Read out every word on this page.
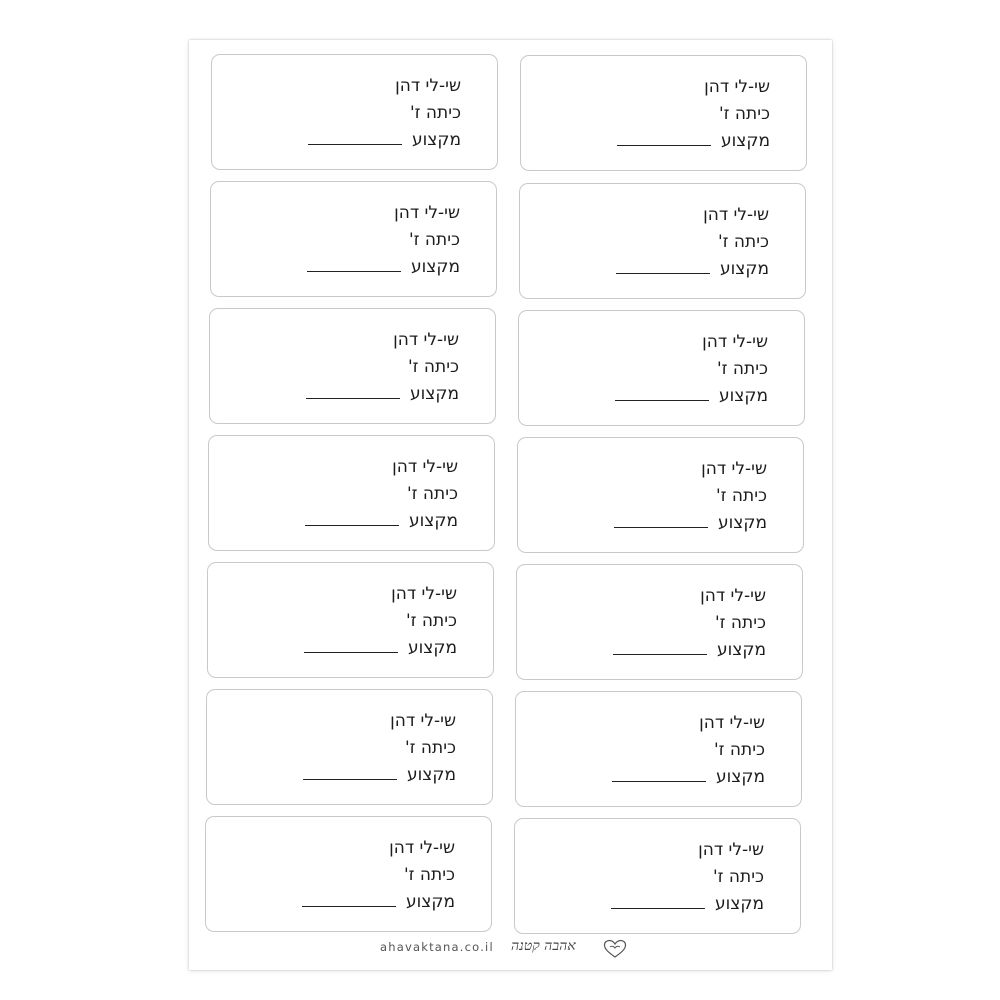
שי-לי דהן
כיתה ז'
מקצוע
שי-לי דהן
כיתה ז'
מקצוע
שי-לי דהן
כיתה ז'
מקצוע
שי-לי דהן
כיתה ז'
מקצוע
שי-לי דהן
כיתה ז'
מקצוע
שי-לי דהן
כיתה ז'
מקצוע
שי-לי דהן
כיתה ז'
מקצוע
שי-לי דהן
כיתה ז'
מקצוע
שי-לי דהן
כיתה ז'
מקצוע
שי-לי דהן
כיתה ז'
מקצוע
שי-לי דהן
כיתה ז'
מקצוע
שי-לי דהן
כיתה ז'
מקצוע
שי-לי דהן
כיתה ז'
מקצוע
שי-לי דהן
כיתה ז'
מקצוע
ahavaktana.co.il אהבה קטנה
